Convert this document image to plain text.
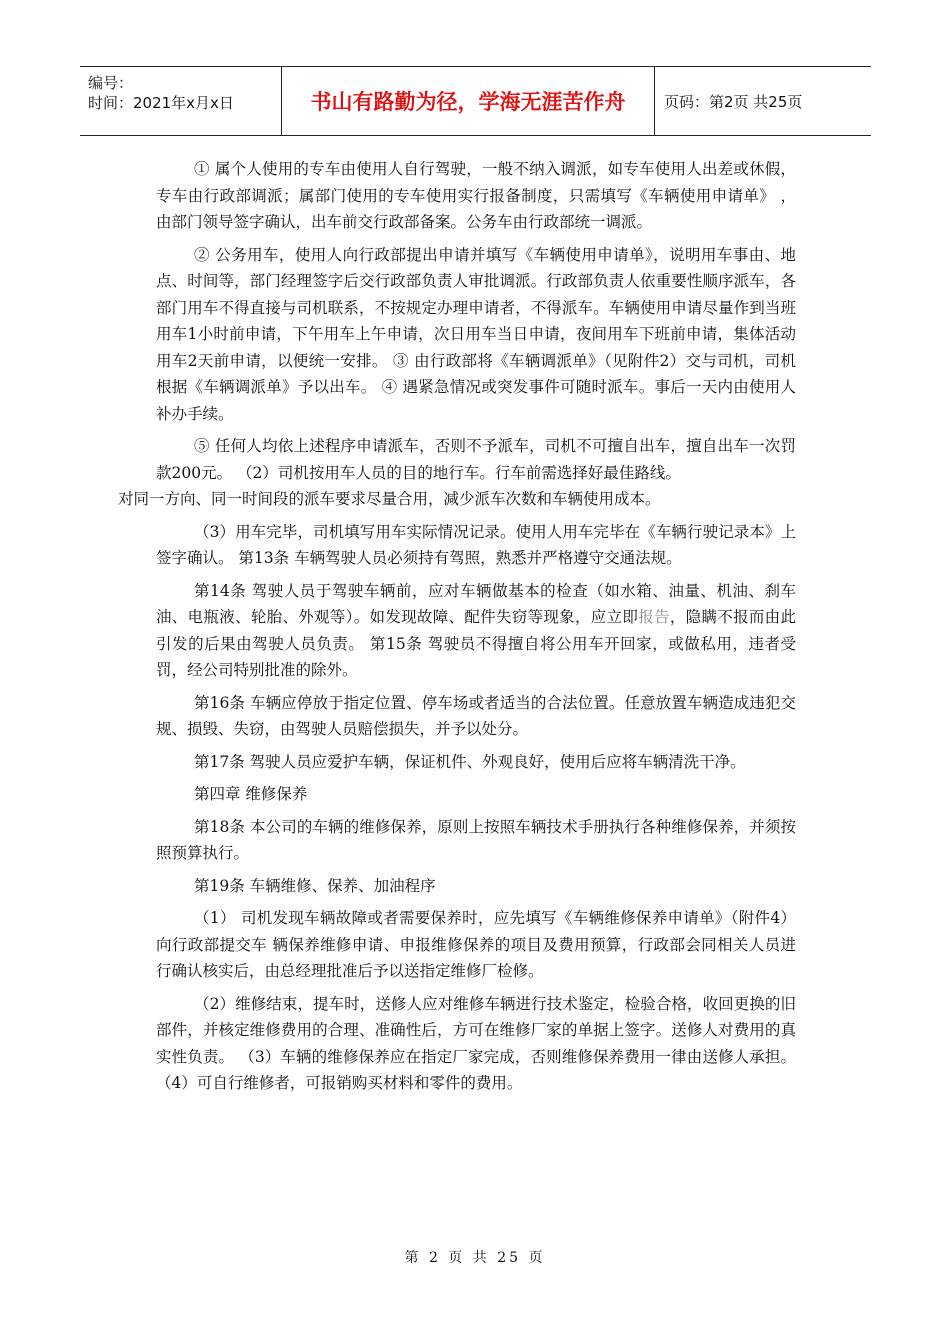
编号：
时间：2021年x月x日	书山有路勤为径，学海无涯苦作舟	页码：第2页 共25页

① 属个人使用的专车由使用人自行驾驶，一般不纳入调派，如专车使用人出差或休假，专车由行政部调派；属部门使用的专车使用实行报备制度，只需填写《车辆使用申请单》 ，由部门领导签字确认，出车前交行政部备案。公务车由行政部统一调派。

② 公务用车，使用人向行政部提出申请并填写《车辆使用申请单》，说明用车事由、地点、时间等，部门经理签字后交行政部负责人审批调派。行政部负责人依重要性顺序派车，各部门用车不得直接与司机联系，不按规定办理申请者，不得派车。车辆使用申请尽量作到当班用车1小时前申请，下午用车上午申请，次日用车当日申请，夜间用车下班前申请，集体活动用车2天前申请，以便统一安排。 ③ 由行政部将《车辆调派单》（见附件2）交与司机，司机根据《车辆调派单》予以出车。 ④ 遇紧急情况或突发事件可随时派车。事后一天内由使用人补办手续。

⑤ 任何人均依上述程序申请派车，否则不予派车，司机不可擅自出车，擅自出车一次罚款200元。 （2）司机按用车人员的目的地行车。行车前需选择好最佳路线。
对同一方向、同一时间段的派车要求尽量合用，减少派车次数和车辆使用成本。

（3）用车完毕，司机填写用车实际情况记录。使用人用车完毕在《车辆行驶记录本》上签字确认。 第13条 车辆驾驶人员必须持有驾照，熟悉并严格遵守交通法规。

第14条 驾驶人员于驾驶车辆前，应对车辆做基本的检查（如水箱、油量、机油、刹车油、电瓶液、轮胎、外观等）。如发现故障、配件失窃等现象，应立即报告，隐瞒不报而由此引发的后果由驾驶人员负责。 第15条 驾驶员不得擅自将公用车开回家，或做私用，违者受罚，经公司特别批准的除外。

第16条 车辆应停放于指定位置、停车场或者适当的合法位置。任意放置车辆造成违犯交规、损毁、失窃，由驾驶人员赔偿损失，并予以处分。

第17条 驾驶人员应爱护车辆，保证机件、外观良好，使用后应将车辆清洗干净。

第四章 维修保养

第18条 本公司的车辆的维修保养，原则上按照车辆技术手册执行各种维修保养，并须按照预算执行。

第19条 车辆维修、保养、加油程序

（1） 司机发现车辆故障或者需要保养时，应先填写《车辆维修保养申请单》（附件4）向行政部提交车 辆保养维修申请、申报维修保养的项目及费用预算，行政部会同相关人员进行确认核实后，由总经理批准后予以送指定维修厂检修。

（2）维修结束，提车时，送修人应对维修车辆进行技术鉴定，检验合格，收回更换的旧部件，并核定维修费用的合理、准确性后，方可在维修厂家的单据上签字。送修人对费用的真实性负责。 （3）车辆的维修保养应在指定厂家完成，否则维修保养费用一律由送修人承担。 （4）可自行维修者，可报销购买材料和零件的费用。

第 2 页 共 25 页
